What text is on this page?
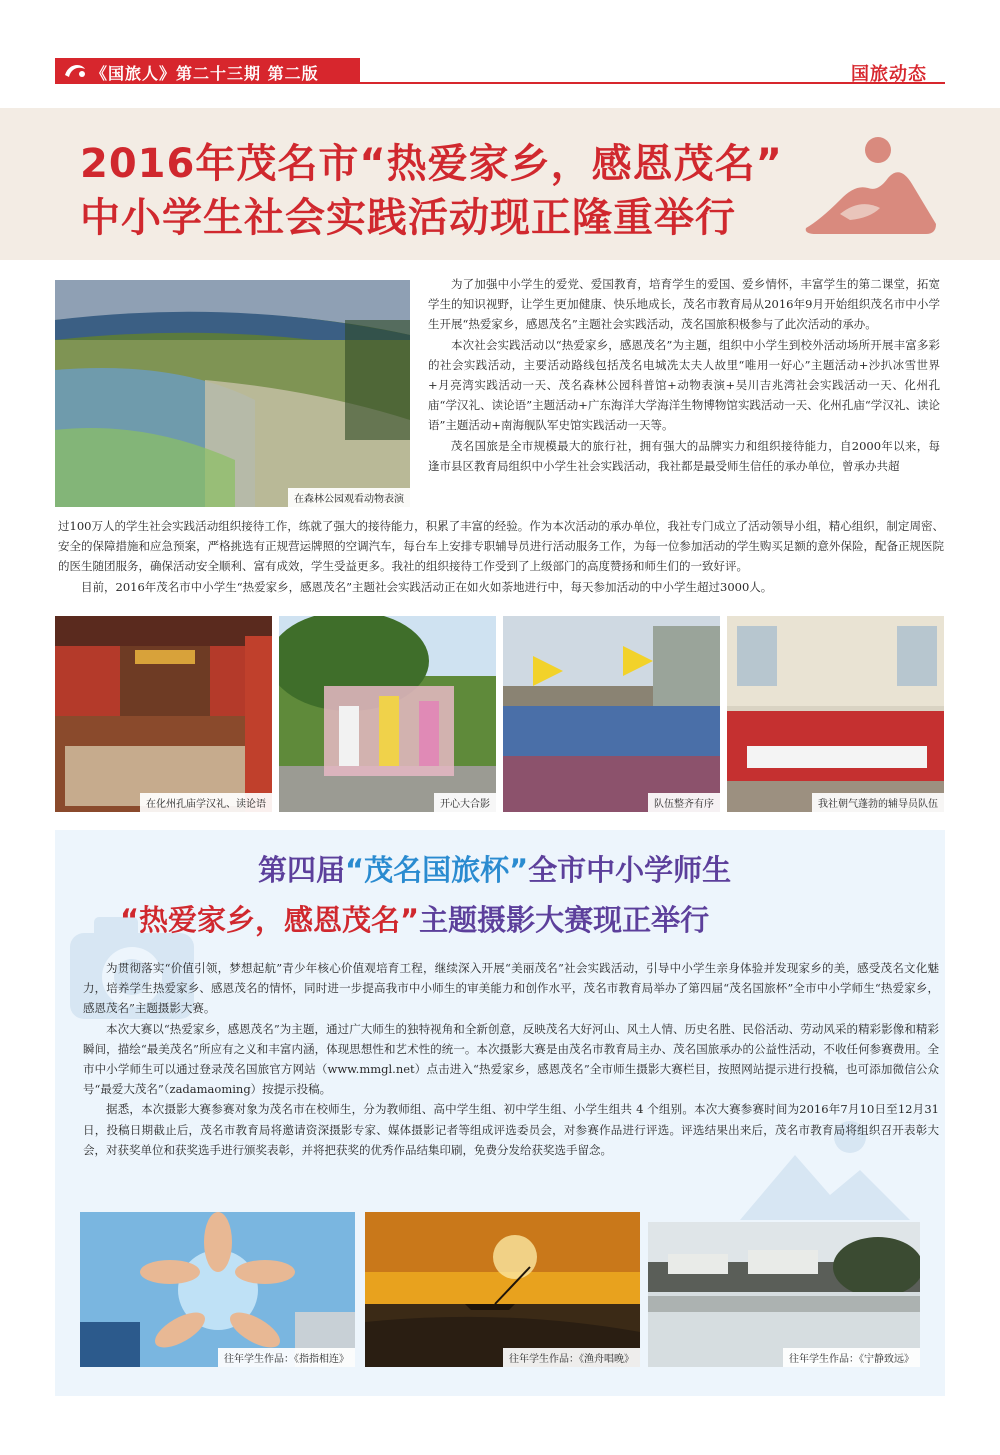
《国旅人》第二十三期 第二版	国旅动态
2016年茂名市“热爱家乡，感恩茂名”
中小学生社会实践活动现正隆重举行
在森林公园观看动物表演

为了加强中小学生的爱党、爱国教育，培育学生的爱国、爱乡情怀，丰富学生的第二课堂，拓宽学生的知识视野，让学生更加健康、快乐地成长，茂名市教育局从2016年9月开始组织茂名市中小学生开展“热爱家乡，感恩茂名”主题社会实践活动，茂名国旅积极参与了此次活动的承办。

本次社会实践活动以“热爱家乡，感恩茂名”为主题，组织中小学生到校外活动场所开展丰富多彩的社会实践活动，主要活动路线包括茂名电城冼太夫人故里“唯用一好心”主题活动+沙扒冰雪世界+月亮湾实践活动一天、茂名森林公园科普馆+动物表演+吴川吉兆湾社会实践活动一天、化州孔庙“学汉礼、读论语”主题活动+广东海洋大学海洋生物博物馆实践活动一天、化州孔庙“学汉礼、读论语”主题活动+南海舰队军史馆实践活动一天等。

茂名国旅是全市规模最大的旅行社，拥有强大的品牌实力和组织接待能力，自2000年以来，每逢市县区教育局组织中小学生社会实践活动，我社都是最受师生信任的承办单位，曾承办共超

过100万人的学生社会实践活动组织接待工作，练就了强大的接待能力，积累了丰富的经验。作为本次活动的承办单位，我社专门成立了活动领导小组，精心组织，制定周密、安全的保障措施和应急预案，严格挑选有正规营运牌照的空调汽车，每台车上安排专职辅导员进行活动服务工作，为每一位参加活动的学生购买足额的意外保险，配备正规医院的医生随团服务，确保活动安全顺利、富有成效，学生受益更多。我社的组织接待工作受到了上级部门的高度赞扬和师生们的一致好评。

目前，2016年茂名市中小学生“热爱家乡，感恩茂名”主题社会实践活动正在如火如荼地进行中，每天参加活动的中小学生超过3000人。

在化州孔庙学汉礼、读论语	开心大合影	队伍整齐有序	我社朝气蓬勃的辅导员队伍
第四届“茂名国旅杯”全市中小学师生
“热爱家乡，感恩茂名”主题摄影大赛现正举行

为贯彻落实“价值引领，梦想起航”青少年核心价值观培育工程，继续深入开展“美丽茂名”社会实践活动，引导中小学生亲身体验并发现家乡的美，感受茂名文化魅力，培养学生热爱家乡、感恩茂名的情怀，同时进一步提高我市中小师生的审美能力和创作水平，茂名市教育局举办了第四届“茂名国旅杯”全市中小学师生“热爱家乡，感恩茂名”主题摄影大赛。

本次大赛以“热爱家乡，感恩茂名”为主题，通过广大师生的独特视角和全新创意，反映茂名大好河山、风土人情、历史名胜、民俗活动、劳动风采的精彩影像和精彩瞬间，描绘“最美茂名”所应有之义和丰富内涵，体现思想性和艺术性的统一。本次摄影大赛是由茂名市教育局主办、茂名国旅承办的公益性活动，不收任何参赛费用。全市中小学师生可以通过登录茂名国旅官方网站（www.mmgl.net）点击进入“热爱家乡，感恩茂名”全市师生摄影大赛栏目，按照网站提示进行投稿，也可添加微信公众号“最爱大茂名”（zadamaoming）按提示投稿。

据悉，本次摄影大赛参赛对象为茂名市在校师生，分为教师组、高中学生组、初中学生组、小学生组共 4 个组别。本次大赛参赛时间为2016年7月10日至12月31日，投稿日期截止后，茂名市教育局将邀请资深摄影专家、媒体摄影记者等组成评选委员会，对参赛作品进行评选。评选结果出来后，茂名市教育局将组织召开表彰大会，对获奖单位和获奖选手进行颁奖表彰，并将把获奖的优秀作品结集印刷，免费分发给获奖选手留念。

往年学生作品：《指指相连》	往年学生作品：《渔舟唱晚》	往年学生作品：《宁静致远》
